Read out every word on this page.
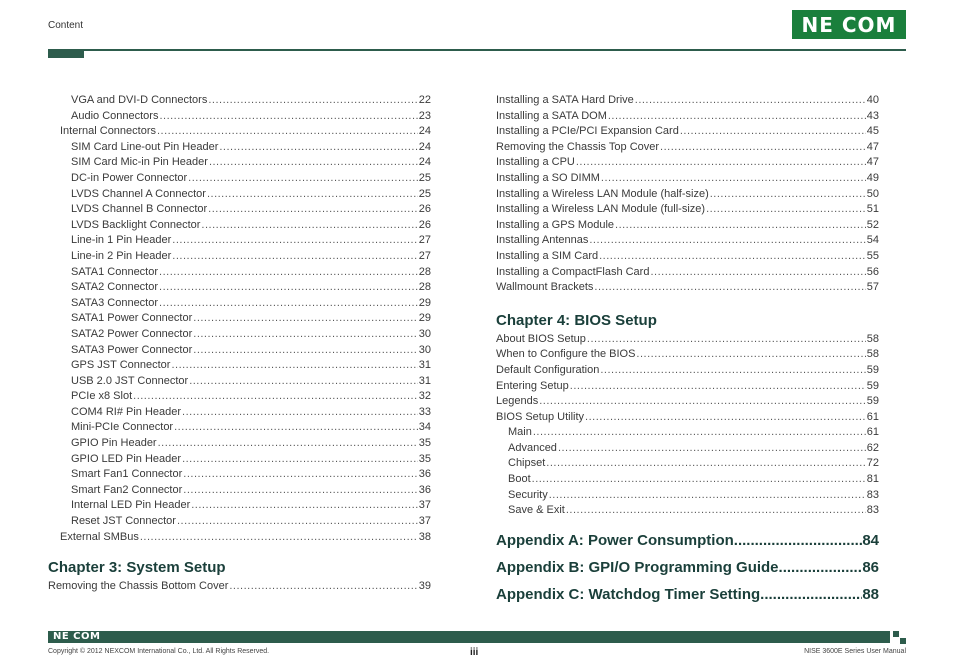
Content	NE COM
VGA and DVI-D Connectors .....	22
Audio Connectors .....	23
Internal Connectors .....	24
SIM Card Line-out Pin Header .....	24
SIM Card Mic-in Pin Header .....	24
DC-in Power Connector .....	25
LVDS Channel A Connector .....	25
LVDS Channel B Connector .....	26
LVDS Backlight Connector .....	26
Line-in 1 Pin Header .....	27
Line-in 2 Pin Header .....	27
SATA1 Connector .....	28
SATA2 Connector .....	28
SATA3 Connector .....	29
SATA1 Power Connector .....	29
SATA2 Power Connector .....	30
SATA3 Power Connector .....	30
GPS JST Connector .....	31
USB 2.0 JST Connector .....	31
PCIe x8 Slot .....	32
COM4 RI# Pin Header .....	33
Mini-PCIe Connector .....	34
GPIO Pin Header .....	35
GPIO LED Pin Header .....	35
Smart Fan1 Connector .....	36
Smart Fan2 Connector .....	36
Internal LED Pin Header .....	37
Reset JST Connector .....	37
External SMBus .....	38
Chapter 3: System Setup
Removing the Chassis Bottom Cover .....	39
Installing a SATA Hard Drive .....	40
Installing a SATA DOM .....	43
Installing a PCIe/PCI Expansion Card .....	45
Removing the Chassis Top Cover .....	47
Installing a CPU .....	47
Installing a SO DIMM .....	49
Installing a Wireless LAN Module (half-size) .....	50
Installing a Wireless LAN Module (full-size) .....	51
Installing a GPS Module .....	52
Installing Antennas .....	54
Installing a SIM Card .....	55
Installing a CompactFlash Card .....	56
Wallmount Brackets .....	57
Chapter 4: BIOS Setup
About BIOS Setup .....	58
When to Configure the BIOS .....	58
Default Configuration .....	59
Entering Setup .....	59
Legends .....	59
BIOS Setup Utility .....	61
Main .....	61
Advanced .....	62
Chipset .....	72
Boot .....	81
Security .....	83
Save & Exit .....	83
Appendix A: Power Consumption .....	84
Appendix B: GPI/O Programming Guide .....	86
Appendix C: Watchdog Timer Setting .....	88
NE COM
Copyright © 2012 NEXCOM International Co., Ltd. All Rights Reserved.	iii	NISE 3600E Series User Manual
